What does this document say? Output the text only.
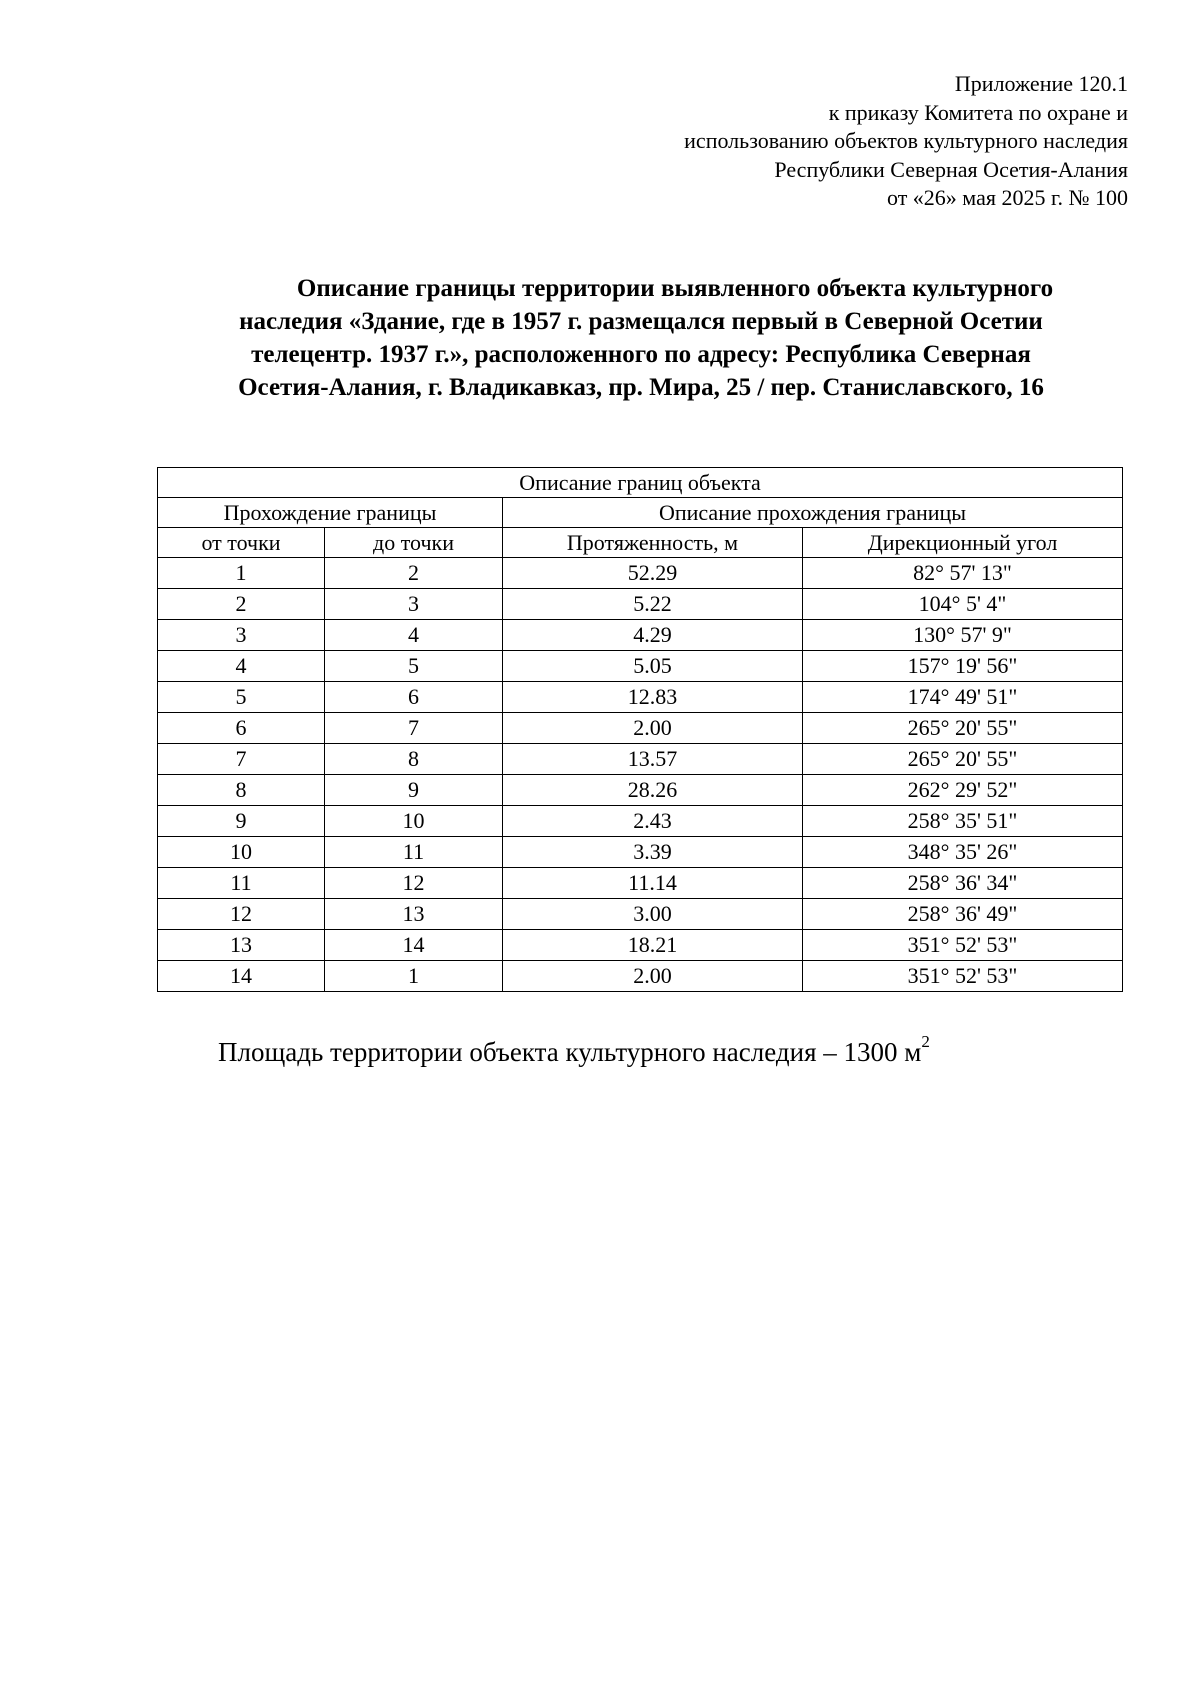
Приложение 120.1
к приказу Комитета по охране и
использованию объектов культурного наследия
Республики Северная Осетия-Алания
от «26» мая 2025 г. № 100
Описание границы территории выявленного объекта культурного
наследия «Здание, где в 1957 г. размещался первый в Северной Осетии
телецентр. 1937 г.», расположенного по адресу: Республика Северная
Осетия-Алания, г. Владикавказ, пр. Мира, 25 / пер. Станиславского, 16
Описание границ объекта			
Прохождение границы		Описание прохождения границы	
от точки	до точки	Протяженность, м	Дирекционный угол
1	2	52.29	82° 57' 13"
2	3	5.22	104° 5' 4"
3	4	4.29	130° 57' 9"
4	5	5.05	157° 19' 56"
5	6	12.83	174° 49' 51"
6	7	2.00	265° 20' 55"
7	8	13.57	265° 20' 55"
8	9	28.26	262° 29' 52"
9	10	2.43	258° 35' 51"
10	11	3.39	348° 35' 26"
11	12	11.14	258° 36' 34"
12	13	3.00	258° 36' 49"
13	14	18.21	351° 52' 53"
14	1	2.00	351° 52' 53"
Площадь территории объекта культурного наследия – 1300 $м^2$
